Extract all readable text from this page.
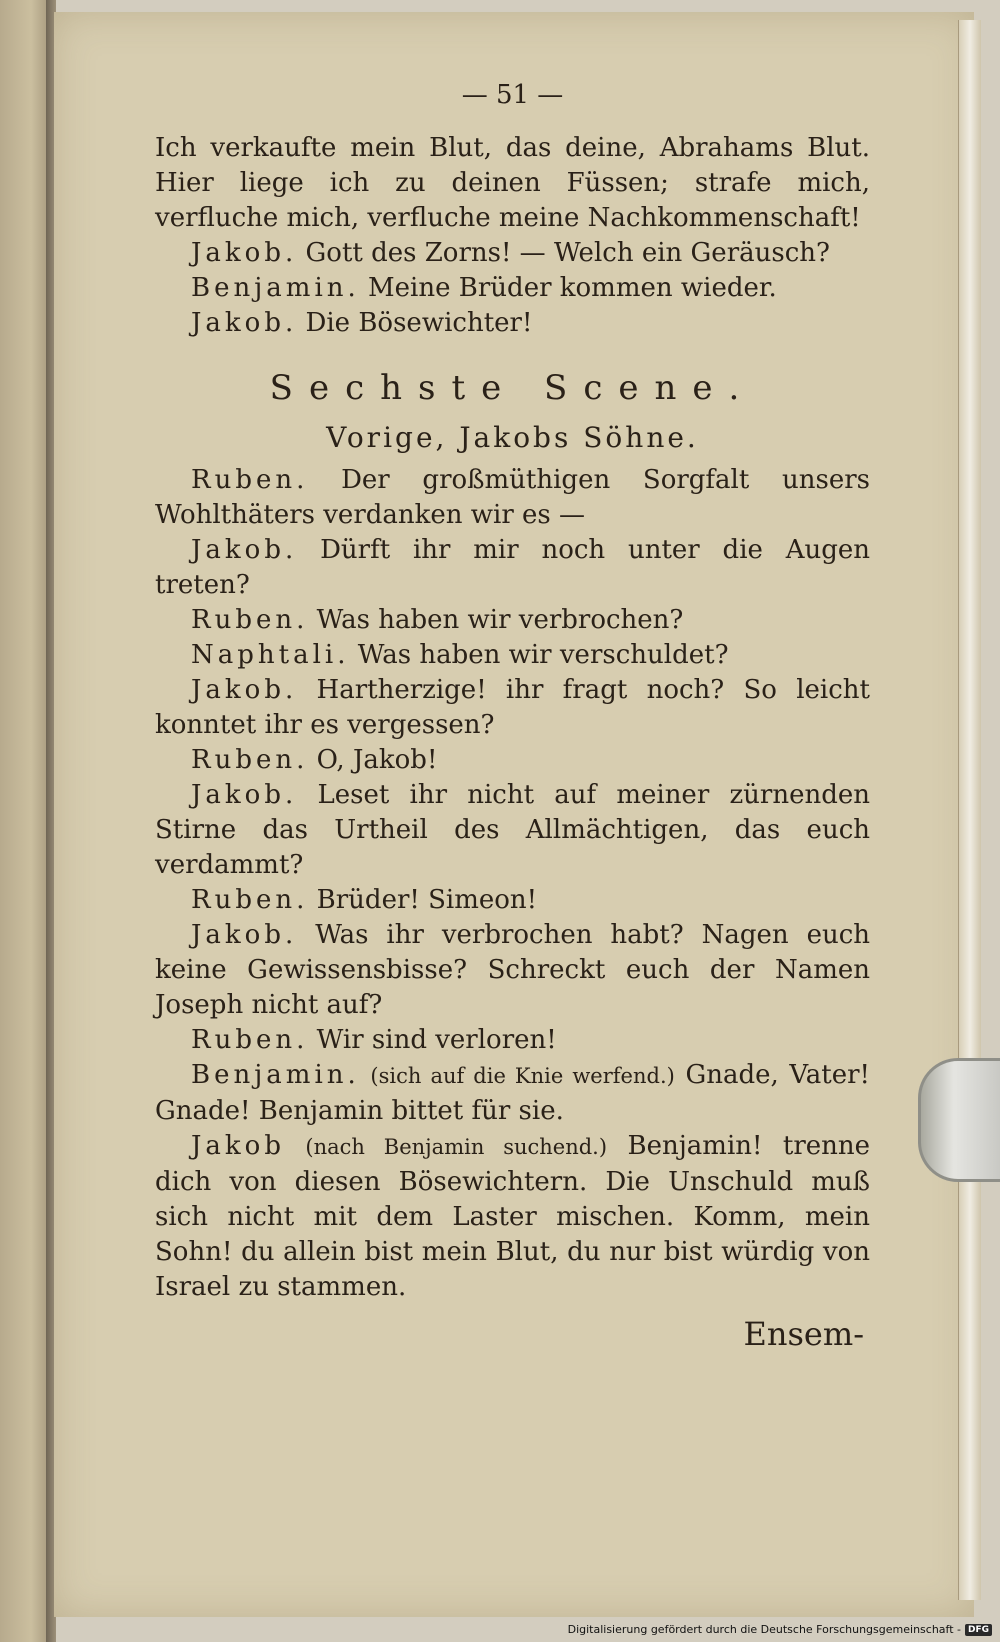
— 51 —
Ich verkaufte mein Blut, das deine, Abrahams Blut. Hier liege ich zu deinen Füssen; strafe mich, verfluche mich, verfluche meine Nachkommenschaft!
Jakob. Gott des Zorns! — Welch ein Geräusch?
Benjamin. Meine Brüder kommen wieder.
Jakob. Die Bösewichter!
Sechste Scene.
Vorige, Jakobs Söhne.
Ruben. Der großmüthigen Sorgfalt unsers Wohlthäters verdanken wir es —
Jakob. Dürft ihr mir noch unter die Augen treten?
Ruben. Was haben wir verbrochen?
Naphtali. Was haben wir verschuldet?
Jakob. Hartherzige! ihr fragt noch? So leicht konntet ihr es vergessen?
Ruben. O, Jakob!
Jakob. Leset ihr nicht auf meiner zürnenden Stirne das Urtheil des Allmächtigen, das euch verdammt?
Ruben. Brüder! Simeon!
Jakob. Was ihr verbrochen habt? Nagen euch keine Gewissensbisse? Schreckt euch der Namen Joseph nicht auf?
Ruben. Wir sind verloren!
Benjamin. (sich auf die Knie werfend.) Gnade, Vater! Gnade! Benjamin bittet für sie.
Jakob (nach Benjamin suchend.) Benjamin! trenne dich von diesen Bösewichtern. Die Unschuld muß sich nicht mit dem Laster mischen. Komm, mein Sohn! du allein bist mein Blut, du nur bist würdig von Israel zu stammen.
Ensem-
Digitalisierung gefördert durch die Deutsche Forschungsgemeinschaft - DFG
